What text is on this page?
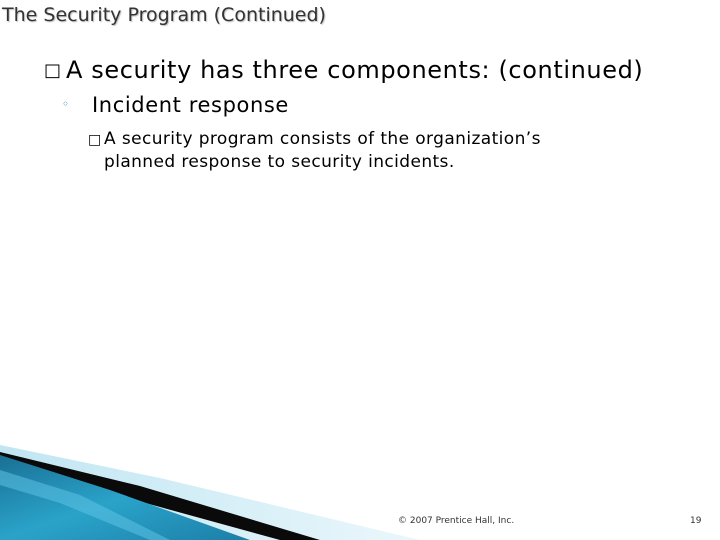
The Security Program (Continued)
□ A security has three components: (continued)
◦ Incident response
□ A security program consists of the organization’s
planned response to security incidents.
© 2007 Prentice Hall, Inc.	19
